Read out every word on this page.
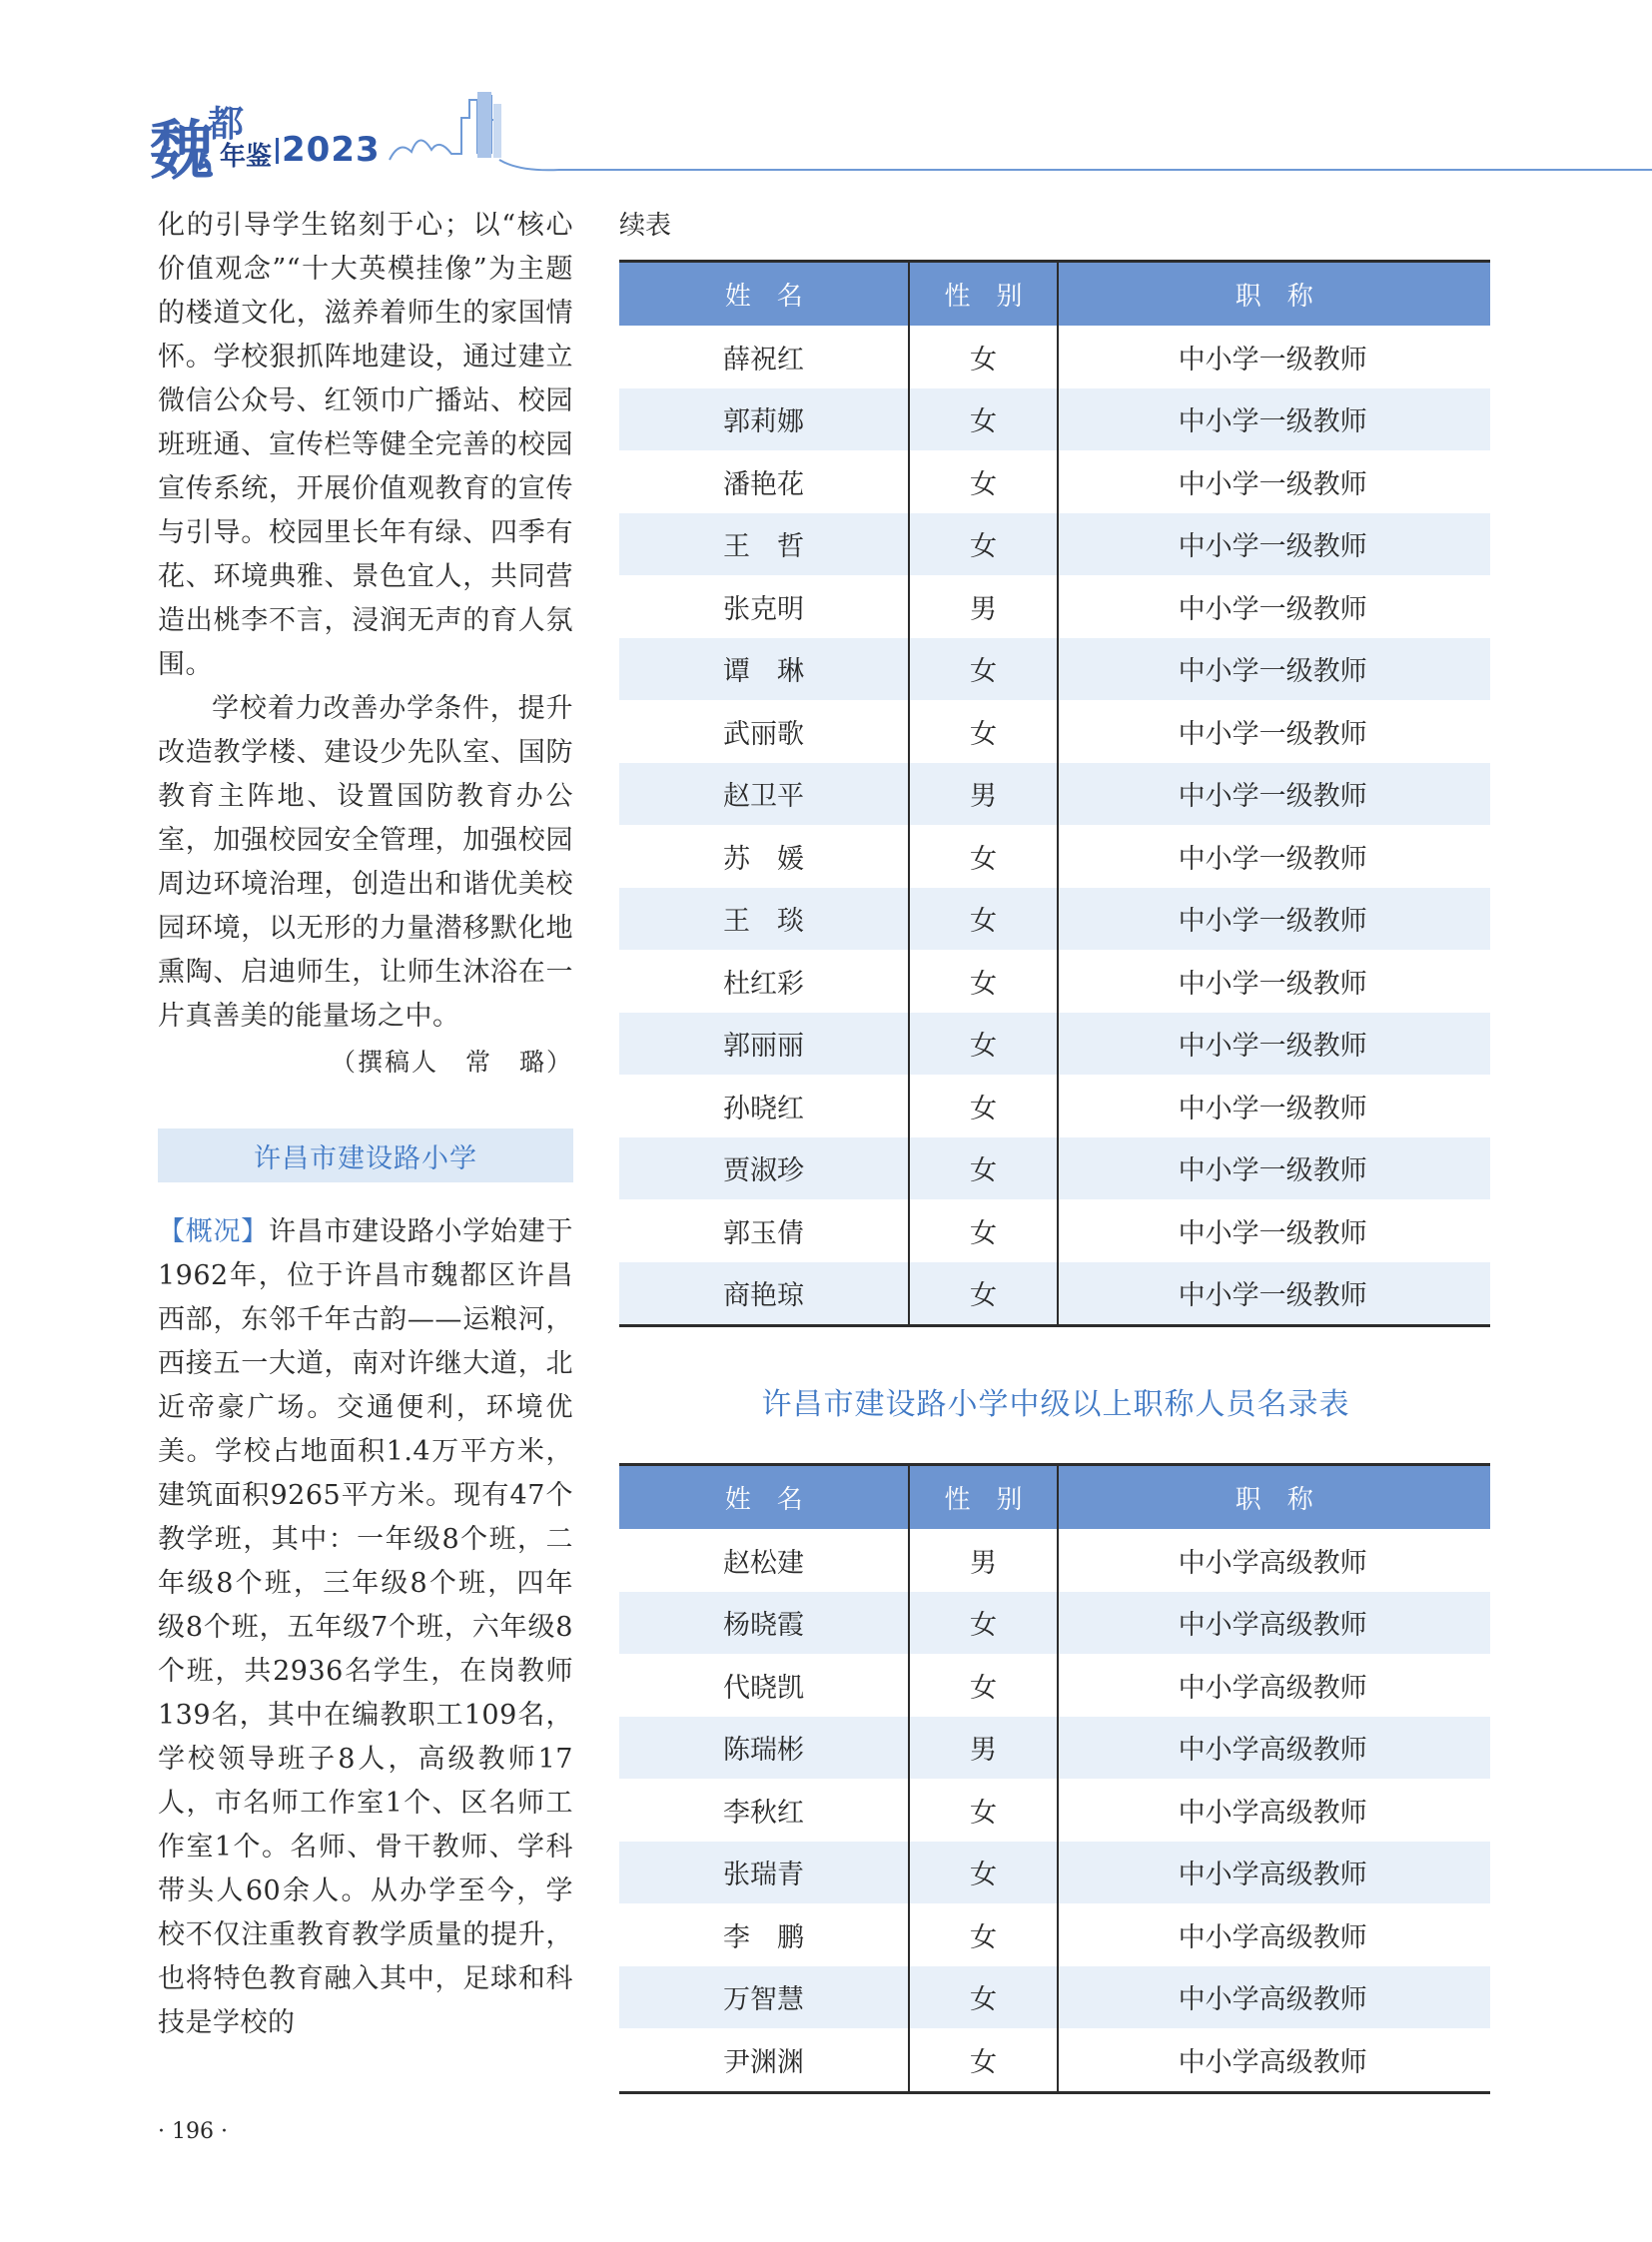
魏
都
年鉴 2023

化的引导学生铭刻于心；以“核心价值观念”“十大英模挂像”为主题的楼道文化，滋养着师生的家国情怀。学校狠抓阵地建设，通过建立微信公众号、红领巾广播站、校园班班通、宣传栏等健全完善的校园宣传系统，开展价值观教育的宣传与引导。校园里长年有绿、四季有花、环境典雅、景色宜人，共同营造出桃李不言，浸润无声的育人氛围。

学校着力改善办学条件，提升改造教学楼、建设少先队室、国防教育主阵地、设置国防教育办公室，加强校园安全管理，加强校园周边环境治理，创造出和谐优美校园环境，以无形的力量潜移默化地熏陶、启迪师生，让师生沐浴在一片真善美的能量场之中。

（撰稿人　常　璐）

许昌市建设路小学

【概况】许昌市建设路小学始建于1962年，位于许昌市魏都区许昌西部，东邻千年古韵——运粮河，西接五一大道，南对许继大道，北近帝豪广场。交通便利，环境优美。学校占地面积1.4万平方米，建筑面积9265平方米。现有47个教学班，其中：一年级8个班，二年级8个班，三年级8个班，四年级8个班，五年级7个班，六年级8个班，共2936名学生，在岗教师139名，其中在编教职工109名，学校领导班子8人，高级教师17人，市名师工作室1个、区名师工作室1个。名师、骨干教师、学科带头人60余人。从办学至今，学校不仅注重教育教学质量的提升，也将特色教育融入其中，足球和科技是学校的

续表

姓　名	性　别	职　称
薛祝红	女	中小学一级教师
郭莉娜	女	中小学一级教师
潘艳花	女	中小学一级教师
王　哲	女	中小学一级教师
张克明	男	中小学一级教师
谭　琳	女	中小学一级教师
武丽歌	女	中小学一级教师
赵卫平	男	中小学一级教师
苏　媛	女	中小学一级教师
王　琰	女	中小学一级教师
杜红彩	女	中小学一级教师
郭丽丽	女	中小学一级教师
孙晓红	女	中小学一级教师
贾淑珍	女	中小学一级教师
郭玉倩	女	中小学一级教师
商艳琼	女	中小学一级教师
许昌市建设路小学中级以上职称人员名录表
姓　名	性　别	职　称
赵松建	男	中小学高级教师
杨晓霞	女	中小学高级教师
代晓凯	女	中小学高级教师
陈瑞彬	男	中小学高级教师
李秋红	女	中小学高级教师
张瑞青	女	中小学高级教师
李　鹏	女	中小学高级教师
万智慧	女	中小学高级教师
尹渊渊	女	中小学高级教师
· 196 ·
